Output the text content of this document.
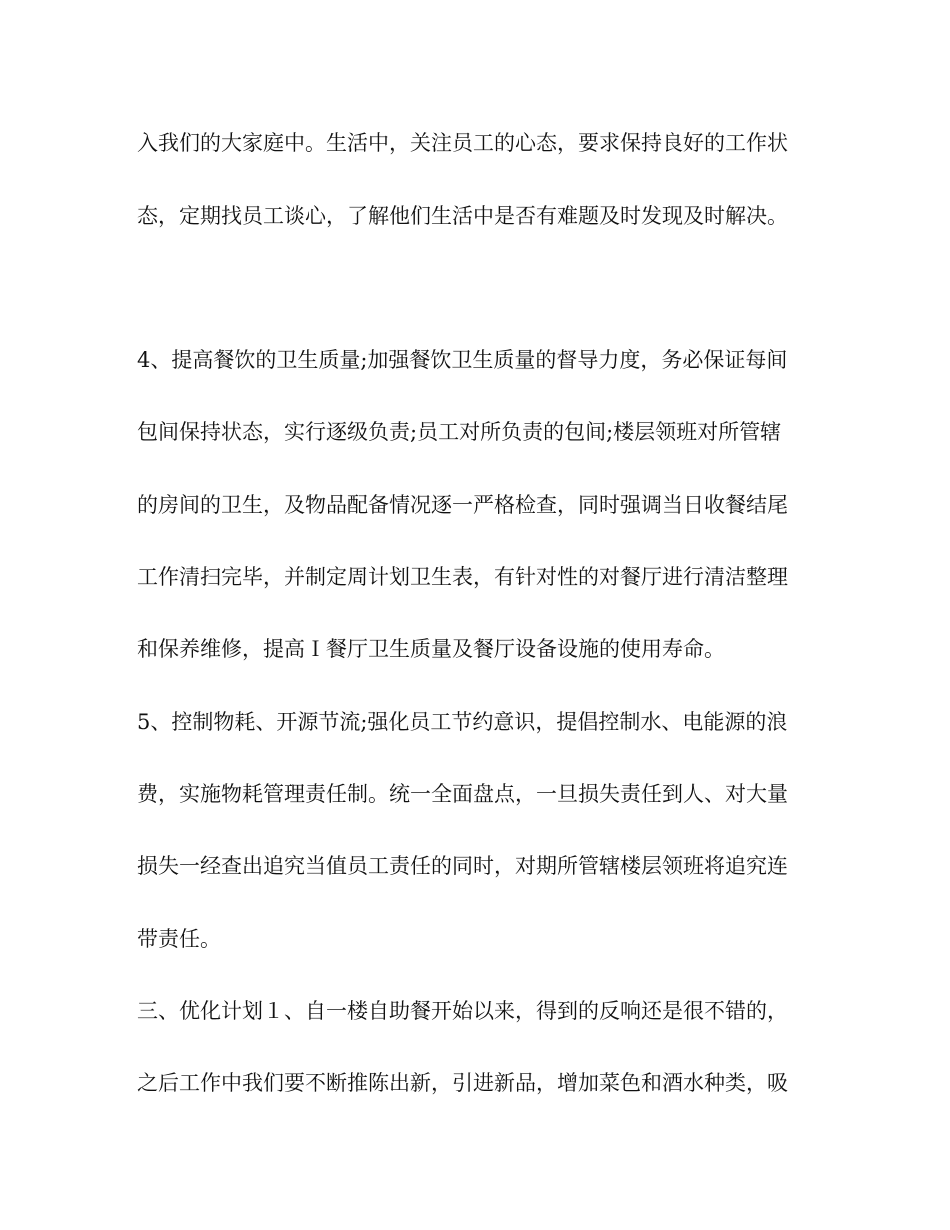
入我们的大家庭中。生活中，关注员工的心态，要求保持良好的工作状
态，定期找员工谈心，了解他们生活中是否有难题及时发现及时解决。
4、提高餐饮的卫生质量;加强餐饮卫生质量的督导力度，务必保证每间
包间保持状态，实行逐级负责;员工对所负责的包间;楼层领班对所管辖
的房间的卫生，及物品配备情况逐一严格检查，同时强调当日收餐结尾
工作清扫完毕，并制定周计划卫生表，有针对性的对餐厅进行清洁整理
和保养维修，提高Ｉ餐厅卫生质量及餐厅设备设施的使用寿命。
5、控制物耗、开源节流;强化员工节约意识，提倡控制水、电能源的浪
费，实施物耗管理责任制。统一全面盘点，一旦损失责任到人、对大量
损失一经查出追究当值员工责任的同时，对期所管辖楼层领班将追究连
带责任。
三、优化计划１、自一楼自助餐开始以来，得到的反响还是很不错的，
之后工作中我们要不断推陈出新，引进新品，增加菜色和酒水种类，吸
